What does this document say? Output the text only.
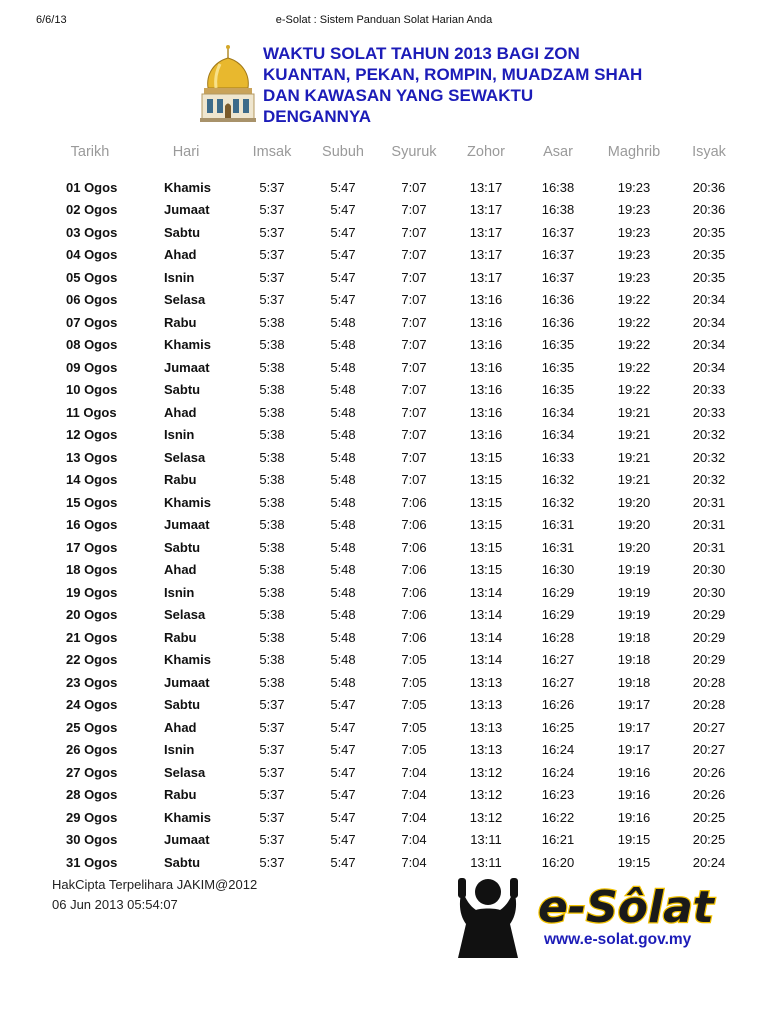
6/6/13	e-Solat : Sistem Panduan Solat Harian Anda
WAKTU SOLAT TAHUN 2013 BAGI ZON
KUANTAN, PEKAN, ROMPIN, MUADZAM SHAH
DAN KAWASAN YANG SEWAKTU
DENGANNYA
Tarikh	Hari	Imsak	Subuh	Syuruk	Zohor	Asar	Maghrib	Isyak
01 Ogos	Khamis	5:37	5:47	7:07	13:17	16:38	19:23	20:36
02 Ogos	Jumaat	5:37	5:47	7:07	13:17	16:38	19:23	20:36
03 Ogos	Sabtu	5:37	5:47	7:07	13:17	16:37	19:23	20:35
04 Ogos	Ahad	5:37	5:47	7:07	13:17	16:37	19:23	20:35
05 Ogos	Isnin	5:37	5:47	7:07	13:17	16:37	19:23	20:35
06 Ogos	Selasa	5:37	5:47	7:07	13:16	16:36	19:22	20:34
07 Ogos	Rabu	5:38	5:48	7:07	13:16	16:36	19:22	20:34
08 Ogos	Khamis	5:38	5:48	7:07	13:16	16:35	19:22	20:34
09 Ogos	Jumaat	5:38	5:48	7:07	13:16	16:35	19:22	20:34
10 Ogos	Sabtu	5:38	5:48	7:07	13:16	16:35	19:22	20:33
11 Ogos	Ahad	5:38	5:48	7:07	13:16	16:34	19:21	20:33
12 Ogos	Isnin	5:38	5:48	7:07	13:16	16:34	19:21	20:32
13 Ogos	Selasa	5:38	5:48	7:07	13:15	16:33	19:21	20:32
14 Ogos	Rabu	5:38	5:48	7:07	13:15	16:32	19:21	20:32
15 Ogos	Khamis	5:38	5:48	7:06	13:15	16:32	19:20	20:31
16 Ogos	Jumaat	5:38	5:48	7:06	13:15	16:31	19:20	20:31
17 Ogos	Sabtu	5:38	5:48	7:06	13:15	16:31	19:20	20:31
18 Ogos	Ahad	5:38	5:48	7:06	13:15	16:30	19:19	20:30
19 Ogos	Isnin	5:38	5:48	7:06	13:14	16:29	19:19	20:30
20 Ogos	Selasa	5:38	5:48	7:06	13:14	16:29	19:19	20:29
21 Ogos	Rabu	5:38	5:48	7:06	13:14	16:28	19:18	20:29
22 Ogos	Khamis	5:38	5:48	7:05	13:14	16:27	19:18	20:29
23 Ogos	Jumaat	5:38	5:48	7:05	13:13	16:27	19:18	20:28
24 Ogos	Sabtu	5:37	5:47	7:05	13:13	16:26	19:17	20:28
25 Ogos	Ahad	5:37	5:47	7:05	13:13	16:25	19:17	20:27
26 Ogos	Isnin	5:37	5:47	7:05	13:13	16:24	19:17	20:27
27 Ogos	Selasa	5:37	5:47	7:04	13:12	16:24	19:16	20:26
28 Ogos	Rabu	5:37	5:47	7:04	13:12	16:23	19:16	20:26
29 Ogos	Khamis	5:37	5:47	7:04	13:12	16:22	19:16	20:25
30 Ogos	Jumaat	5:37	5:47	7:04	13:11	16:21	19:15	20:25
31 Ogos	Sabtu	5:37	5:47	7:04	13:11	16:20	19:15	20:24
HakCipta Terpelihara JAKIM@2012
06 Jun 2013 05:54:07	e-Sôlat
www.e-solat.gov.my
